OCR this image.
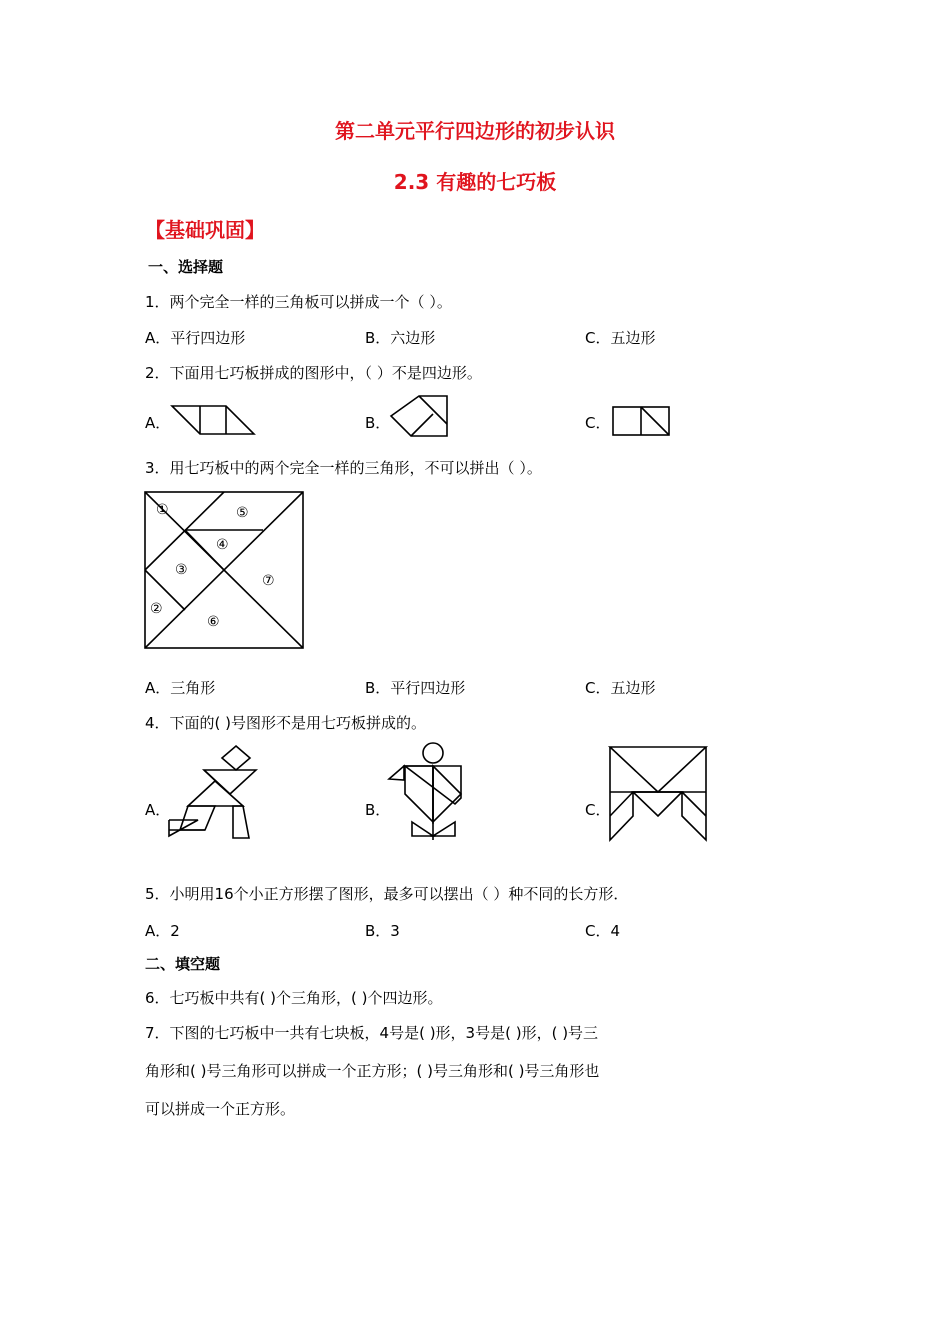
第二单元平行四边形的初步认识
2.3 有趣的七巧板
【基础巩固】
一、选择题
1．两个完全一样的三角板可以拼成一个（ ）。
A．平行四边形	B．六边形	C．五边形
2．下面用七巧板拼成的图形中，（ ）不是四边形。
A．	B．	C．
3．用七巧板中的两个完全一样的三角形，不可以拼出（ ）。
①	⑤
④
③
⑦
②
⑥
A．三角形	B．平行四边形	C．五边形
4．下面的( )号图形不是用七巧板拼成的。
A．	B．	C．
5．小明用16个小正方形摆了图形，最多可以摆出（ ）种不同的长方形．
A．2	B．3	C．4
二、填空题
6．七巧板中共有( )个三角形，( )个四边形。
7．下图的七巧板中一共有七块板，4号是( )形，3号是( )形，( )号三
角形和( )号三角形可以拼成一个正方形；( )号三角形和( )号三角形也
可以拼成一个正方形。
